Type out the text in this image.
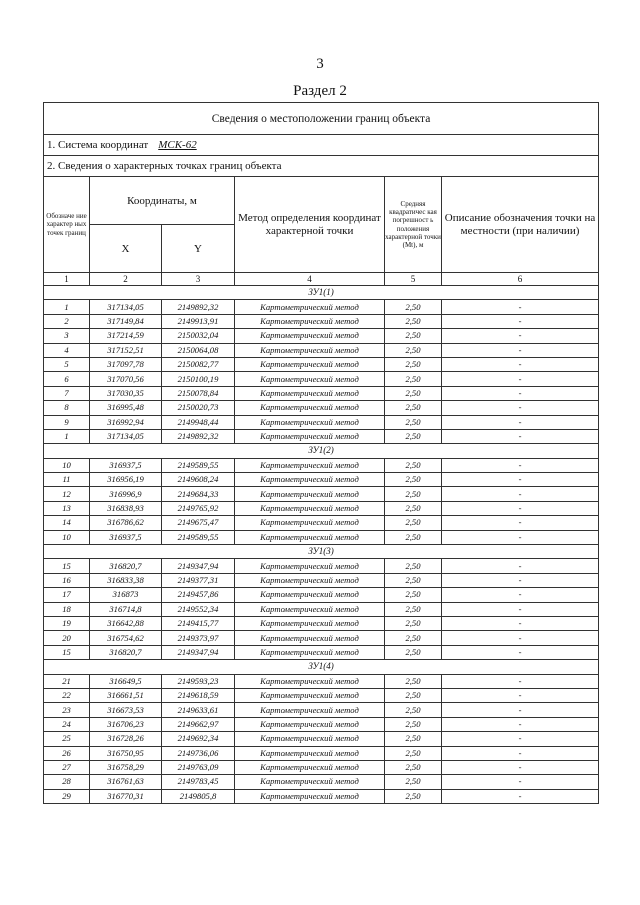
3
Раздел 2
Сведения о местоположении границ объекта					
1. Система координат МСК-62					
2. Сведения о характерных точках границ объекта					
Обозначе ние характер ных точек границ	Координаты, м		Метод определения координат характерной точки	Средняя квадратичес кая погрешност ь положения характерной точки (Mt), м	Описание обозначения точки на местности (при наличии)
	X	Y			
1	2	3	4	5	6
ЗУ1(1)					
1	317134,05	2149892,32	Картометрический метод	2,50	-
2	317149,84	2149913,91	Картометрический метод	2,50	-
3	317214,59	2150032,04	Картометрический метод	2,50	-
4	317152,51	2150064,08	Картометрический метод	2,50	-
5	317097,78	2150082,77	Картометрический метод	2,50	-
6	317070,56	2150100,19	Картометрический метод	2,50	-
7	317030,35	2150078,84	Картометрический метод	2,50	-
8	316995,48	2150020,73	Картометрический метод	2,50	-
9	316992,94	2149948,44	Картометрический метод	2,50	-
1	317134,05	2149892,32	Картометрический метод	2,50	-
ЗУ1(2)					
10	316937,5	2149589,55	Картометрический метод	2,50	-
11	316956,19	2149608,24	Картометрический метод	2,50	-
12	316996,9	2149684,33	Картометрический метод	2,50	-
13	316838,93	2149765,92	Картометрический метод	2,50	-
14	316786,62	2149675,47	Картометрический метод	2,50	-
10	316937,5	2149589,55	Картометрический метод	2,50	-
ЗУ1(3)					
15	316820,7	2149347,94	Картометрический метод	2,50	-
16	316833,38	2149377,31	Картометрический метод	2,50	-
17	316873	2149457,86	Картометрический метод	2,50	-
18	316714,8	2149552,34	Картометрический метод	2,50	-
19	316642,88	2149415,77	Картометрический метод	2,50	-
20	316754,62	2149373,97	Картометрический метод	2,50	-
15	316820,7	2149347,94	Картометрический метод	2,50	-
ЗУ1(4)					
21	316649,5	2149593,23	Картометрический метод	2,50	-
22	316661,51	2149618,59	Картометрический метод	2,50	-
23	316673,53	2149633,61	Картометрический метод	2,50	-
24	316706,23	2149662,97	Картометрический метод	2,50	-
25	316728,26	2149692,34	Картометрический метод	2,50	-
26	316750,95	2149736,06	Картометрический метод	2,50	-
27	316758,29	2149763,09	Картометрический метод	2,50	-
28	316761,63	2149783,45	Картометрический метод	2,50	-
29	316770,31	2149805,8	Картометрический метод	2,50	-
